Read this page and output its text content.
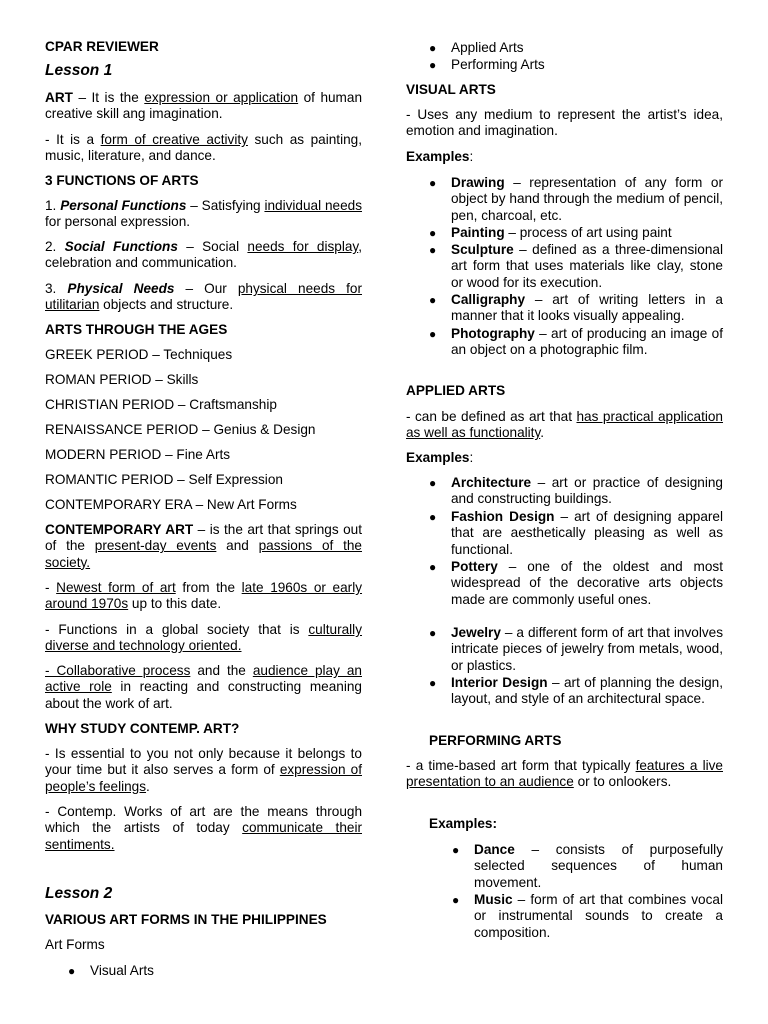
CPAR REVIEWER

Lesson 1

ART – It is the expression or application of human creative skill ang imagination.

- It is a form of creative activity such as painting, music, literature, and dance.

3 FUNCTIONS OF ARTS

1. Personal Functions – Satisfying individual needs for personal expression.

2. Social Functions – Social needs for display, celebration and communication.

3. Physical Needs – Our physical needs for utilitarian objects and structure.

ARTS THROUGH THE AGES

GREEK PERIOD – Techniques

ROMAN PERIOD – Skills

CHRISTIAN PERIOD – Craftsmanship

RENAISSANCE PERIOD – Genius & Design

MODERN PERIOD – Fine Arts

ROMANTIC PERIOD – Self Expression

CONTEMPORARY ERA – New Art Forms

CONTEMPORARY ART – is the art that springs out of the present-day events and passions of the society.

- Newest form of art from the late 1960s or early around 1970s up to this date.

- Functions in a global society that is culturally diverse and technology oriented.

- Collaborative process and the audience play an active role in reacting and constructing meaning about the work of art.

WHY STUDY CONTEMP. ART?

- Is essential to you not only because it belongs to your time but it also serves a form of expression of people’s feelings.

- Contemp. Works of art are the means through which the artists of today communicate their sentiments.

Lesson 2

VARIOUS ART FORMS IN THE PHILIPPINES

Art Forms

● Visual Arts

● Applied Arts

● Performing Arts

VISUAL ARTS

- Uses any medium to represent the artist’s idea, emotion and imagination.

Examples:

● Drawing – representation of any form or object by hand through the medium of pencil, pen, charcoal, etc.

● Painting – process of art using paint

● Sculpture – defined as a three-dimensional art form that uses materials like clay, stone or wood for its execution.

● Calligraphy – art of writing letters in a manner that it looks visually appealing.

● Photography – art of producing an image of an object on a photographic film.

APPLIED ARTS

- can be defined as art that has practical application as well as functionality.

Examples:

● Architecture – art or practice of designing and constructing buildings.

● Fashion Design – art of designing apparel that are aesthetically pleasing as well as functional.

● Pottery – one of the oldest and most widespread of the decorative arts objects made are commonly useful ones.

● Jewelry – a different form of art that involves intricate pieces of jewelry from metals, wood, or plastics.

● Interior Design – art of planning the design, layout, and style of an architectural space.

PERFORMING ARTS

- a time-based art form that typically features a live presentation to an audience or to onlookers.

Examples:

● Dance – consists of purposefully selected sequences of human movement.

● Music – form of art that combines vocal or instrumental sounds to create a composition.
